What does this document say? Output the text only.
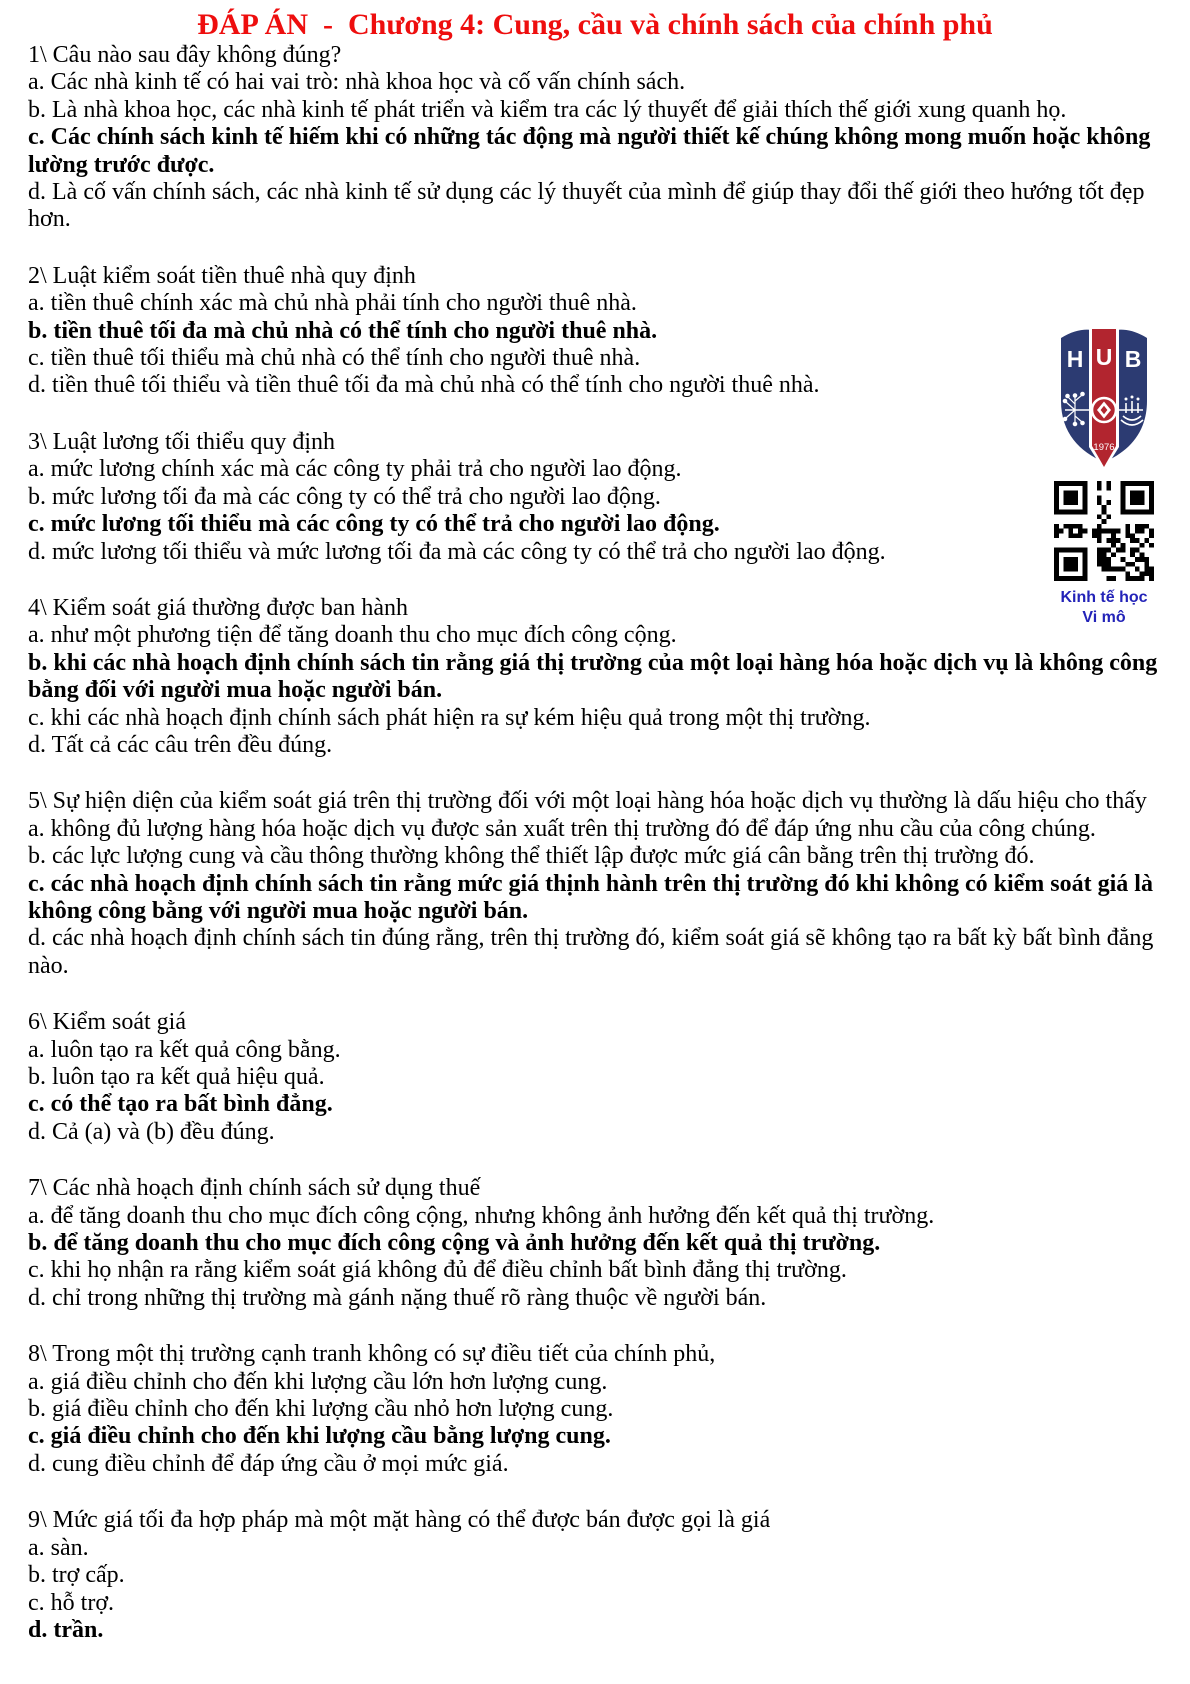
ĐÁP ÁN  -  Chương 4: Cung, cầu và chính sách của chính phủ

1\ Câu nào sau đây không đúng?

a. Các nhà kinh tế có hai vai trò: nhà khoa học và cố vấn chính sách.

b. Là nhà khoa học, các nhà kinh tế phát triển và kiểm tra các lý thuyết để giải thích thế giới xung quanh họ.

c. Các chính sách kinh tế hiếm khi có những tác động mà người thiết kế chúng không mong muốn hoặc không lường trước được.

d. Là cố vấn chính sách, các nhà kinh tế sử dụng các lý thuyết của mình để giúp thay đổi thế giới theo hướng tốt đẹp hơn.

2\ Luật kiểm soát tiền thuê nhà quy định

a. tiền thuê chính xác mà chủ nhà phải tính cho người thuê nhà.

b. tiền thuê tối đa mà chủ nhà có thể tính cho người thuê nhà.

c. tiền thuê tối thiểu mà chủ nhà có thể tính cho người thuê nhà.

d. tiền thuê tối thiểu và tiền thuê tối đa mà chủ nhà có thể tính cho người thuê nhà.

3\ Luật lương tối thiểu quy định

a. mức lương chính xác mà các công ty phải trả cho người lao động.

b. mức lương tối đa mà các công ty có thể trả cho người lao động.

c. mức lương tối thiểu mà các công ty có thể trả cho người lao động.

d. mức lương tối thiểu và mức lương tối đa mà các công ty có thể trả cho người lao động.

4\ Kiểm soát giá thường được ban hành

a. như một phương tiện để tăng doanh thu cho mục đích công cộng.

b. khi các nhà hoạch định chính sách tin rằng giá thị trường của một loại hàng hóa hoặc dịch vụ là không công bằng đối với người mua hoặc người bán.

c. khi các nhà hoạch định chính sách phát hiện ra sự kém hiệu quả trong một thị trường.

d. Tất cả các câu trên đều đúng.

5\ Sự hiện diện của kiểm soát giá trên thị trường đối với một loại hàng hóa hoặc dịch vụ thường là dấu hiệu cho thấy

a. không đủ lượng hàng hóa hoặc dịch vụ được sản xuất trên thị trường đó để đáp ứng nhu cầu của công chúng.

b. các lực lượng cung và cầu thông thường không thể thiết lập được mức giá cân bằng trên thị trường đó.

c. các nhà hoạch định chính sách tin rằng mức giá thịnh hành trên thị trường đó khi không có kiểm soát giá là không công bằng với người mua hoặc người bán.

d. các nhà hoạch định chính sách tin đúng rằng, trên thị trường đó, kiểm soát giá sẽ không tạo ra bất kỳ bất bình đẳng nào.

6\ Kiểm soát giá

a. luôn tạo ra kết quả công bằng.

b. luôn tạo ra kết quả hiệu quả.

c. có thể tạo ra bất bình đẳng.

d. Cả (a) và (b) đều đúng.

7\ Các nhà hoạch định chính sách sử dụng thuế

a. để tăng doanh thu cho mục đích công cộng, nhưng không ảnh hưởng đến kết quả thị trường.

b. để tăng doanh thu cho mục đích công cộng và ảnh hưởng đến kết quả thị trường.

c. khi họ nhận ra rằng kiểm soát giá không đủ để điều chỉnh bất bình đẳng thị trường.

d. chỉ trong những thị trường mà gánh nặng thuế rõ ràng thuộc về người bán.

8\ Trong một thị trường cạnh tranh không có sự điều tiết của chính phủ,

a. giá điều chỉnh cho đến khi lượng cầu lớn hơn lượng cung.

b. giá điều chỉnh cho đến khi lượng cầu nhỏ hơn lượng cung.

c. giá điều chỉnh cho đến khi lượng cầu bằng lượng cung.

d. cung điều chỉnh để đáp ứng cầu ở mọi mức giá.

9\ Mức giá tối đa hợp pháp mà một mặt hàng có thể được bán được gọi là giá

a. sàn.

b. trợ cấp.

c. hỗ trợ.

d. trần.

H U B
1976
Kinh tế học
Vi mô
